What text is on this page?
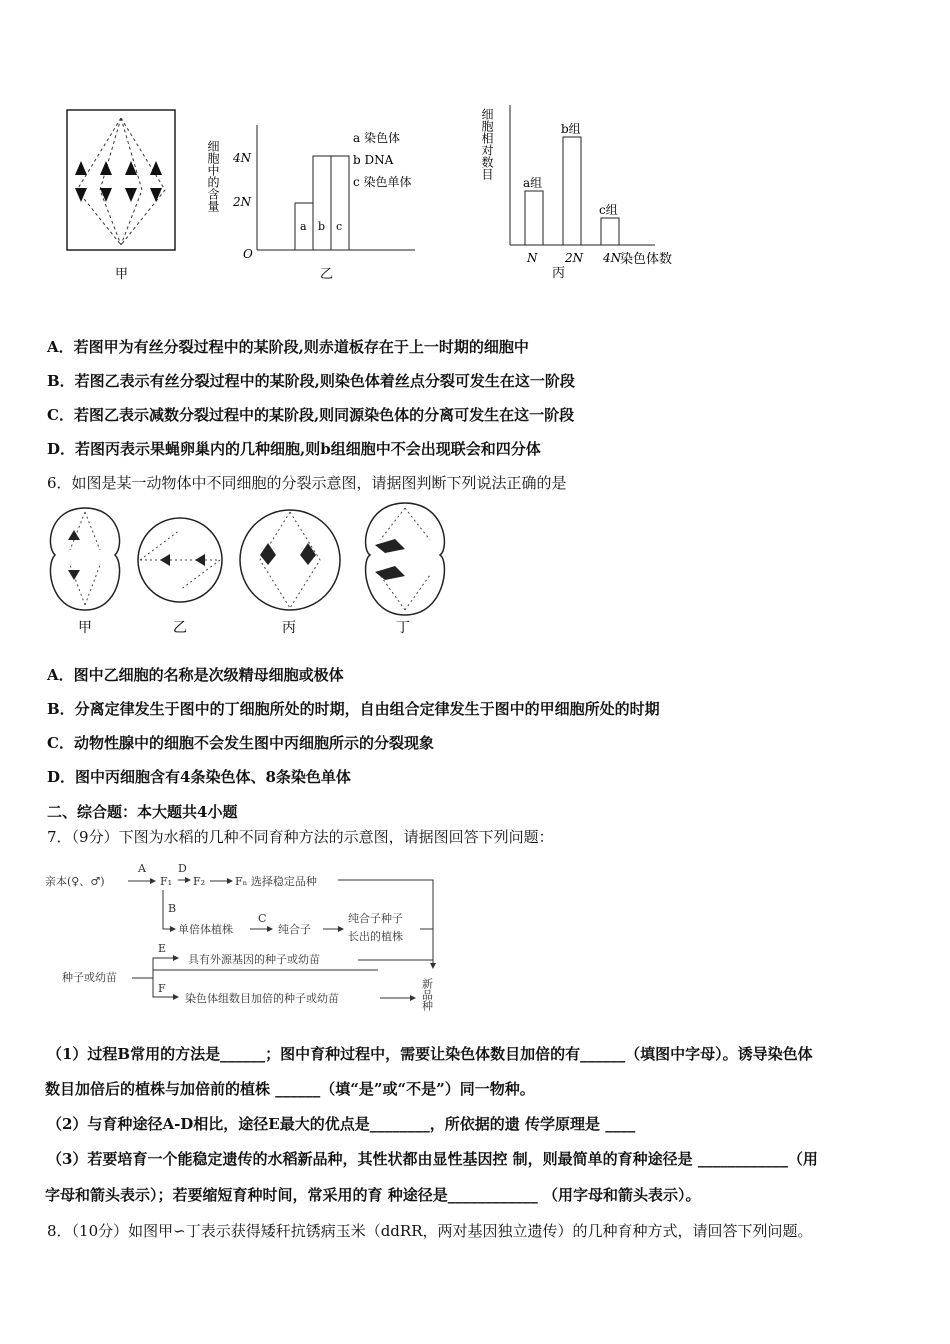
甲
细胞中的含量 4N
2N
O
a b c
a 染色体
b DNA
c 染色单体
乙
细胞相对数目
a组
N
b组
2N
c组
4N
染色体数
丙
A．若图甲为有丝分裂过程中的某阶段,则赤道板存在于上一时期的细胞中
B．若图乙表示有丝分裂过程中的某阶段,则染色体着丝点分裂可发生在这一阶段
C．若图乙表示减数分裂过程中的某阶段,则同源染色体的分离可发生在这一阶段
D．若图丙表示果蝇卵巢内的几种细胞,则b组细胞中不会出现联会和四分体
6．如图是某一动物体中不同细胞的分裂示意图，请据图判断下列说法正确的是
甲	乙	丙	丁
A．图中乙细胞的名称是次级精母细胞或极体
B．分离定律发生于图中的丁细胞所处的时期，自由组合定律发生于图中的甲细胞所处的时期
C．动物性腺中的细胞不会发生图中丙细胞所示的分裂现象
D．图中丙细胞含有4条染色体、8条染色单体
二、综合题：本大题共4小题
7．（9分）下图为水稻的几种不同育种方法的示意图，请据图回答下列问题：
亲本(♀、♂)
A
F₁
D
F₂	Fₙ 选择稳定品种
B
单倍体植株
C
纯合子
纯合子种子
长出的植株
种子或幼苗
E
具有外源基因的种子或幼苗
F
染色体组数目加倍的种子或幼苗	新品种
（1）过程B常用的方法是______；图中育种过程中，需要让染色体数目加倍的有______（填图中字母）。诱导染色体
数目加倍后的植株与加倍前的植株 ______（填“是”或“不是”）同一物种。
（2）与育种途径A-D相比，途径E最大的优点是________，所依据的遗 传学原理是 ____
（3）若要培育一个能稳定遗传的水稻新品种，其性状都由显性基因控 制，则最简单的育种途径是 ____________（用
字母和箭头表示）；若要缩短育种时间，常采用的育 种途径是____________ （用字母和箭头表示）。
8．（10分）如图甲∽丁表示获得矮秆抗锈病玉米（ddRR，两对基因独立遗传）的几种育种方式，请回答下列问题。
